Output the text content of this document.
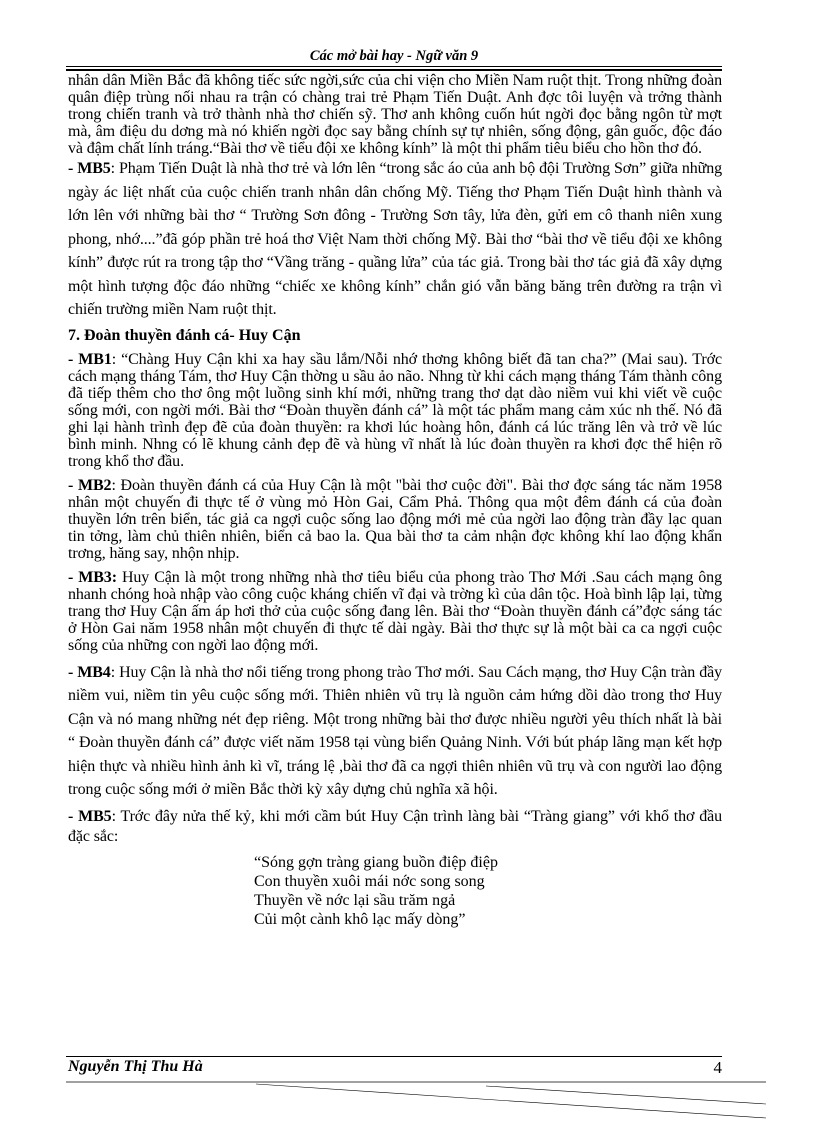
Các mở bài hay - Ngữ văn 9

nhân dân Miền Bắc đã không tiếc sức ngời,sức của chi viện cho Miền Nam ruột thịt. Trong những đoàn quân điệp trùng nối nhau ra trận có chàng trai trẻ Phạm Tiến Duật. Anh đợc tôi luyện và trởng thành trong chiến tranh và trở thành nhà thơ chiến sỹ. Thơ anh không cuốn hút ngời đọc bằng ngôn từ mợt mà, âm điệu du dơng mà nó khiến ngời đọc say bằng chính sự tự nhiên, sống động, gân guốc, độc đáo và đậm chất lính tráng.“Bài thơ về tiểu đội xe không kính” là một thi phẩm tiêu biểu cho hồn thơ đó.

- MB5: Phạm Tiến Duật là nhà thơ trẻ và lớn lên “trong sắc áo của anh bộ đội Trường Sơn” giữa những ngày ác liệt nhất của cuộc chiến tranh nhân dân chống Mỹ. Tiếng thơ Phạm Tiến Duật hình thành và lớn lên với những bài thơ “ Trường Sơn đông - Trường Sơn tây, lửa đèn, gửi em cô thanh niên xung phong, nhớ....”đã góp phần trẻ hoá thơ Việt Nam thời chống Mỹ. Bài thơ “bài thơ về tiểu đội xe không kính” được rút ra trong tập thơ “Vầng trăng - quầng lửa” của tác giả. Trong bài thơ tác giả đã xây dựng một hình tượng độc đáo những “chiếc xe không kính” chắn gió vẫn băng băng trên đường ra trận vì chiến trường miền Nam ruột thịt.

7. Đoàn thuyền đánh cá- Huy Cận

- MB1: “Chàng Huy Cận khi xa hay sầu lắm/Nỗi nhớ thơng không biết đã tan cha?” (Mai sau). Trớc cách mạng tháng Tám, thơ Huy Cận thờng u sầu ảo não. Nhng từ khi cách mạng tháng Tám thành công đã tiếp thêm cho thơ ông một luồng sinh khí mới, những trang thơ dạt dào niềm vui khi viết về cuộc sống mới, con ngời mới. Bài thơ “Đoàn thuyền đánh cá” là một tác phẩm mang cảm xúc nh thế. Nó đã ghi lại hành trình đẹp đẽ của đoàn thuyền: ra khơi lúc hoàng hôn, đánh cá lúc trăng lên và trở về lúc bình minh. Nhng có lẽ khung cảnh đẹp đẽ và hùng vĩ nhất là lúc đoàn thuyền ra khơi đợc thể hiện rõ trong khổ thơ đầu.

- MB2: Đoàn thuyền đánh cá của Huy Cận là một "bài thơ cuộc đời". Bài thơ đợc sáng tác năm 1958 nhân một chuyến đi thực tế ở vùng mỏ Hòn Gai, Cẩm Phả. Thông qua một đêm đánh cá của đoàn thuyền lớn trên biển, tác giả ca ngợi cuộc sống lao động mới mẻ của ngời lao động tràn đầy lạc quan tin tởng, làm chủ thiên nhiên, biển cả bao la. Qua bài thơ ta cảm nhận đợc không khí lao động khẩn trơng, hăng say, nhộn nhịp.

- MB3: Huy Cận là một trong những nhà thơ tiêu biểu của phong trào Thơ Mới .Sau cách mạng ông nhanh chóng hoà nhập vào công cuộc kháng chiến vĩ đại và trờng kì của dân tộc. Hoà bình lập lại, từng trang thơ Huy Cận ấm áp hơi thở của cuộc sống đang lên. Bài thơ “Đoàn thuyền đánh cá”đợc sáng tác ở Hòn Gai năm 1958 nhân một chuyến đi thực tế dài ngày. Bài thơ thực sự là một bài ca ca ngợi cuộc sống của những con ngời lao động mới.

- MB4: Huy Cận là nhà thơ nổi tiếng trong phong trào Thơ mới. Sau Cách mạng, thơ Huy Cận tràn đầy niềm vui, niềm tin yêu cuộc sống mới. Thiên nhiên vũ trụ là nguồn cảm hứng dồi dào trong thơ Huy Cận và nó mang những nét đẹp riêng. Một trong những bài thơ được nhiều người yêu thích nhất là bài “ Đoàn thuyền đánh cá” được viết năm 1958 tại vùng biển Quảng Ninh. Với bút pháp lãng mạn kết hợp hiện thực và nhiều hình ảnh kì vĩ, tráng lệ ,bài thơ đã ca ngợi thiên nhiên vũ trụ và con người lao động trong cuộc sống mới ở miền Bắc thời kỳ xây dựng chủ nghĩa xã hội.

- MB5: Trớc đây nửa thế kỷ, khi mới cầm bút Huy Cận trình làng bài “Tràng giang” với khổ thơ đầu đặc sắc:

“Sóng gợn tràng giang buồn điệp điệp
Con thuyền xuôi mái nớc song song
Thuyền về nớc lại sầu trăm ngả
Củi một cành khô lạc mấy dòng”
Nguyễn Thị Thu Hà	4
